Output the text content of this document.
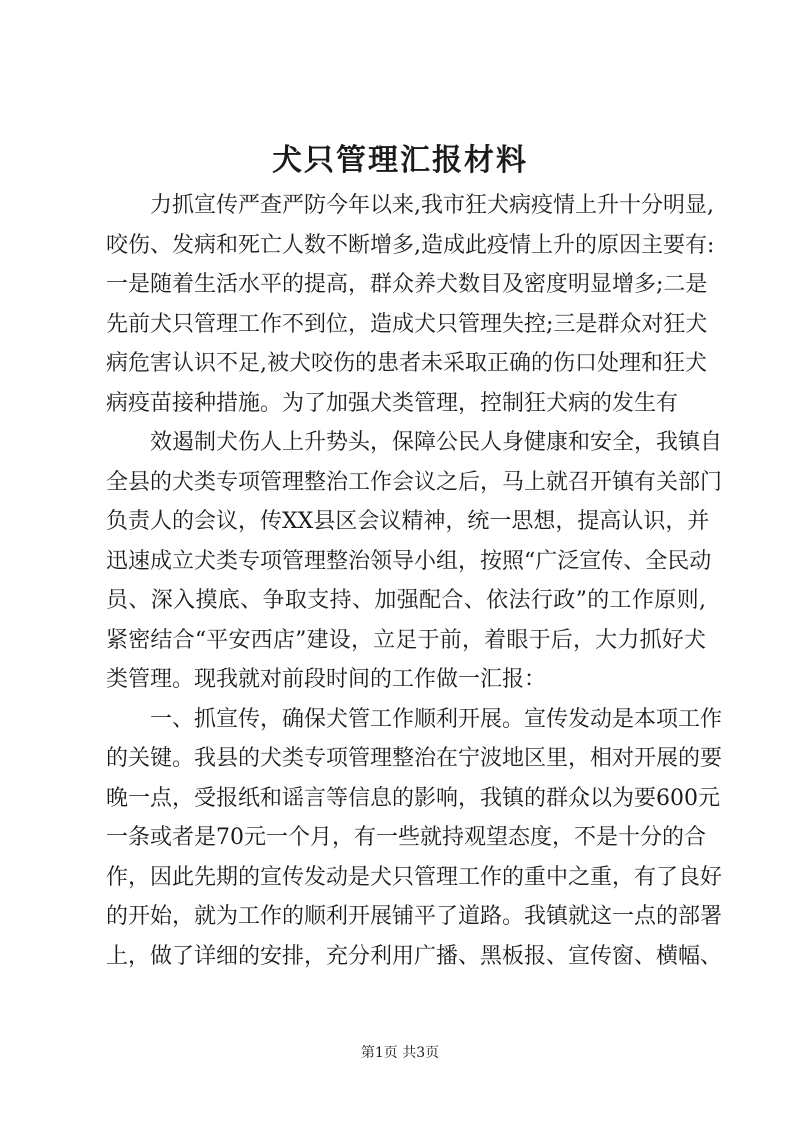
犬只管理汇报材料
力抓宣传严查严防今年以来,我市狂犬病疫情上升十分明显,
咬伤、发病和死亡人数不断增多,造成此疫情上升的原因主要有:
一是随着生活水平的提高，群众养犬数目及密度明显增多;二是
先前犬只管理工作不到位，造成犬只管理失控;三是群众对狂犬
病危害认识不足,被犬咬伤的患者未采取正确的伤口处理和狂犬
病疫苗接种措施。为了加强犬类管理，控制狂犬病的发生有
效遏制犬伤人上升势头，保障公民人身健康和安全，我镇自
全县的犬类专项管理整治工作会议之后，马上就召开镇有关部门
负责人的会议，传XX县区会议精神，统一思想，提高认识，并
迅速成立犬类专项管理整治领导小组，按照“广泛宣传、全民动
员、深入摸底、争取支持、加强配合、依法行政”的工作原则,
紧密结合“平安西店”建设，立足于前，着眼于后，大力抓好犬
类管理。现我就对前段时间的工作做一汇报：
一、抓宣传，确保犬管工作顺利开展。宣传发动是本项工作
的关键。我县的犬类专项管理整治在宁波地区里，相对开展的要
晚一点，受报纸和谣言等信息的影响，我镇的群众以为要600元
一条或者是70元一个月，有一些就持观望态度，不是十分的合
作，因此先期的宣传发动是犬只管理工作的重中之重，有了良好
的开始，就为工作的顺利开展铺平了道路。我镇就这一点的部署
上，做了详细的安排，充分利用广播、黑板报、宣传窗、横幅、
第1页 共3页
